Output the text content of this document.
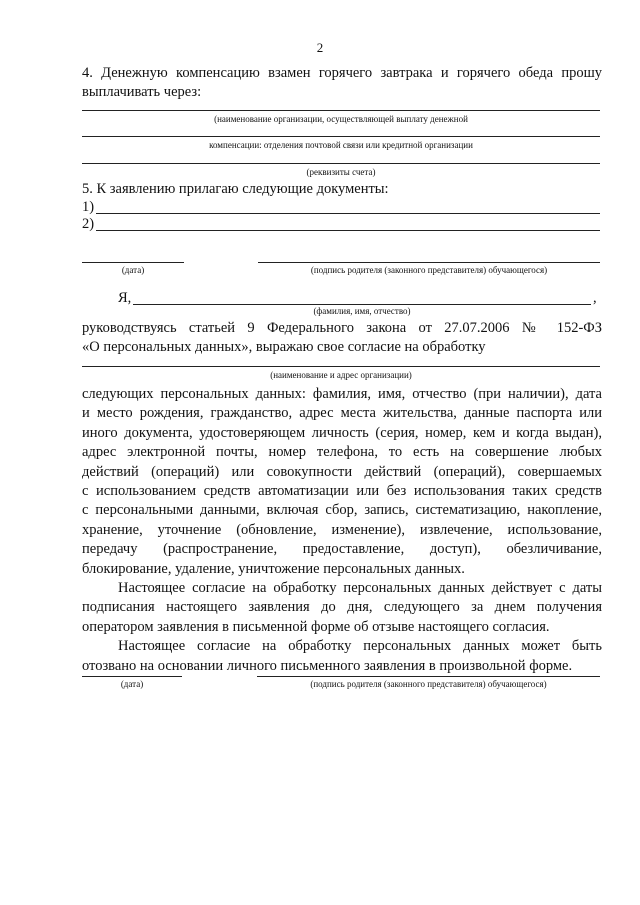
2
4. Денежную компенсацию взамен горячего завтрака и горячего обеда прошу
выплачивать через:
(наименование организации, осуществляющей выплату денежной
компенсации: отделения почтовой связи или кредитной организации
(реквизиты счета)
5. К заявлению прилагаю следующие документы:
1)
2)
(дата)	(подпись родителя (законного представителя) обучающегося)
Я,	,
(фамилия, имя, отчество)
руководствуясь статьей 9 Федерального закона от 27.07.2006 № 152-ФЗ
«О персональных данных», выражаю свое согласие на обработку
(наименование и адрес организации)

следующих персональных данных: фамилия, имя, отчество (при наличии), дата

и место рождения, гражданство, адрес места жительства, данные паспорта или

иного документа, удостоверяющем личность (серия, номер, кем и когда выдан),

адрес электронной почты, номер телефона, то есть на совершение любых

действий (операций) или совокупности действий (операций), совершаемых

с использованием средств автоматизации или без использования таких средств

с персональными данными, включая сбор, запись, систематизацию, накопление,

хранение, уточнение (обновление, изменение), извлечение, использование,

передачу (распространение, предоставление, доступ), обезличивание,

блокирование, удаление, уничтожение персональных данных.

Настоящее согласие на обработку персональных данных действует с даты

подписания настоящего заявления до дня, следующего за днем получения

оператором заявления в письменной форме об отзыве настоящего согласия.

Настоящее согласие на обработку персональных данных может быть

отозвано на основании личного письменного заявления в произвольной форме.

(дата)	(подпись родителя (законного представителя) обучающегося)
